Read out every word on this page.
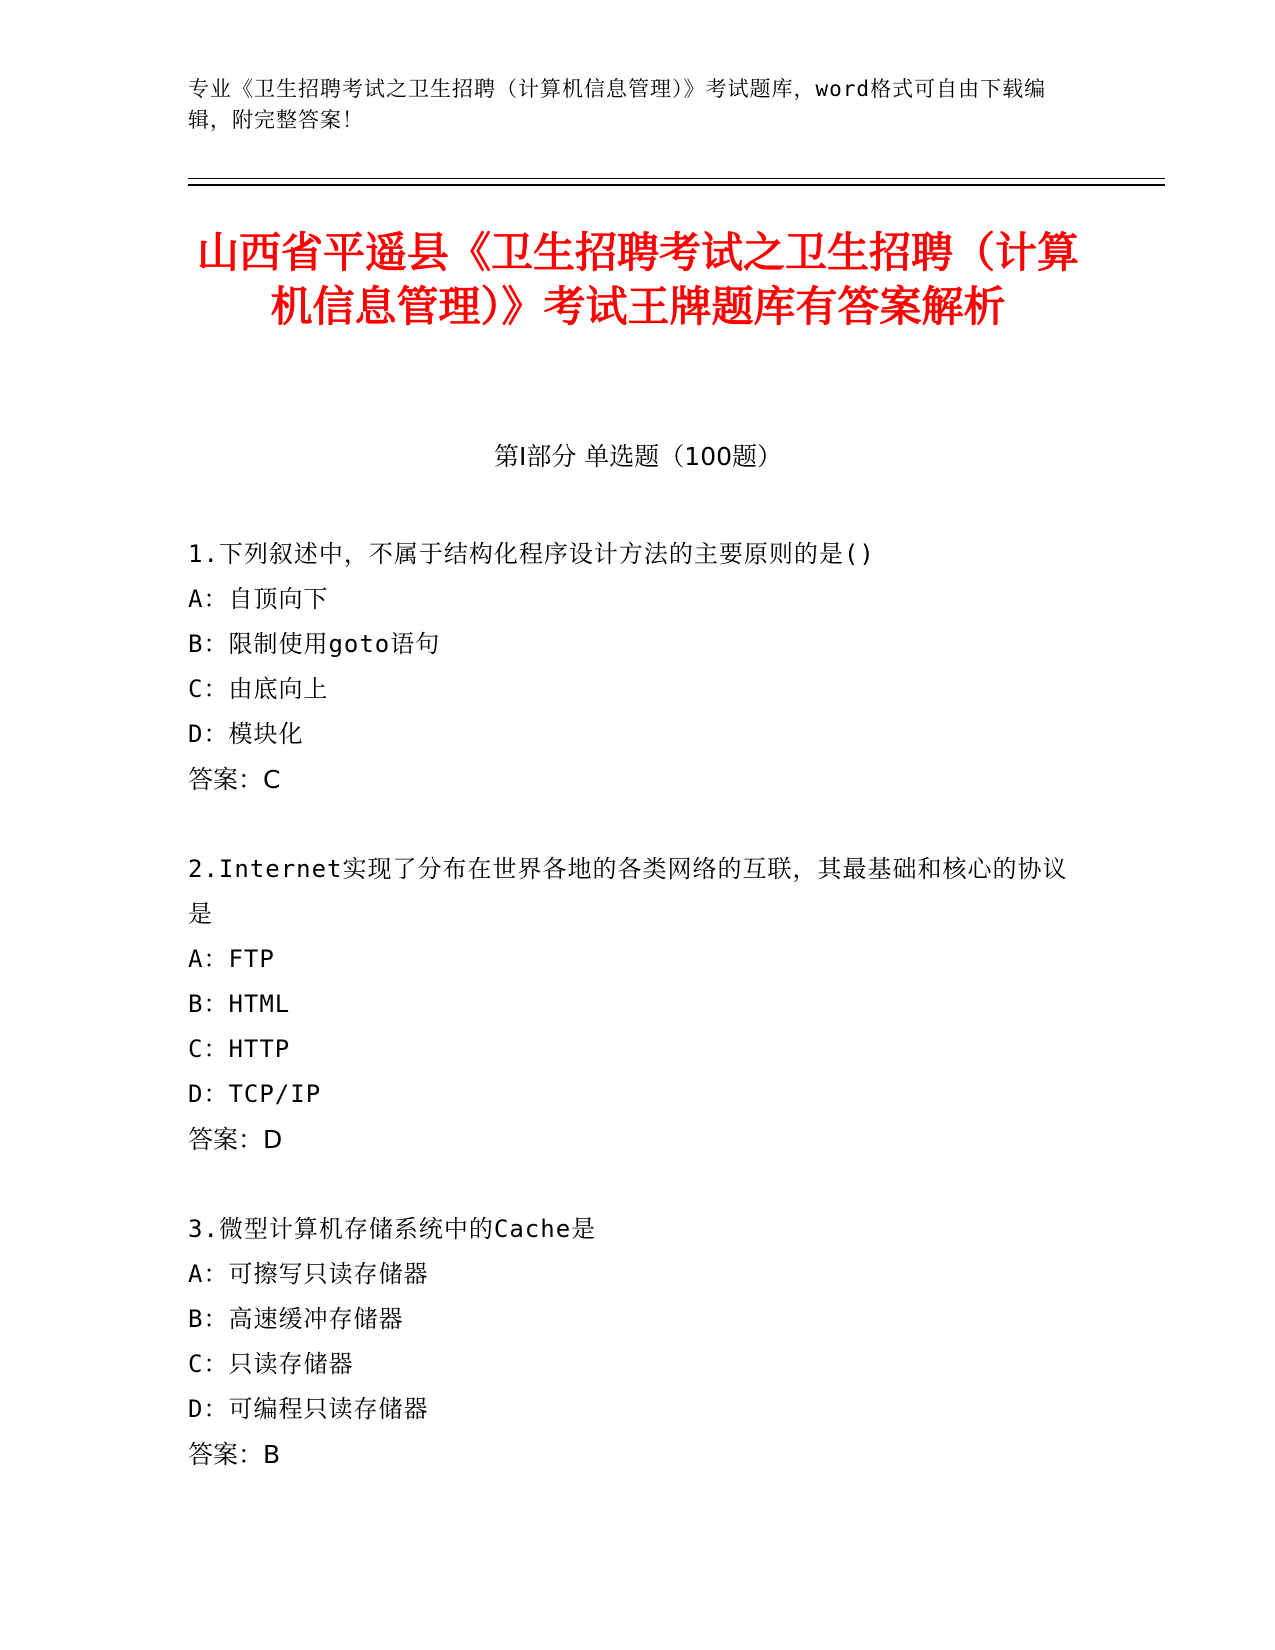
专业《卫生招聘考试之卫生招聘（计算机信息管理）》考试题库，word格式可自由下载编辑，附完整答案！
山西省平遥县《卫生招聘考试之卫生招聘（计算机信息管理）》考试王牌题库有答案解析
第I部分 单选题（100题）

1.下列叙述中，不属于结构化程序设计方法的主要原则的是()

A：自顶向下

B：限制使用goto语句

C：由底向上

D：模块化

答案：C

2.Internet实现了分布在世界各地的各类网络的互联，其最基础和核心的协议是

A：FTP

B：HTML

C：HTTP

D：TCP/IP

答案：D

3.微型计算机存储系统中的Cache是

A：可擦写只读存储器

B：高速缓冲存储器

C：只读存储器

D：可编程只读存储器

答案：B
